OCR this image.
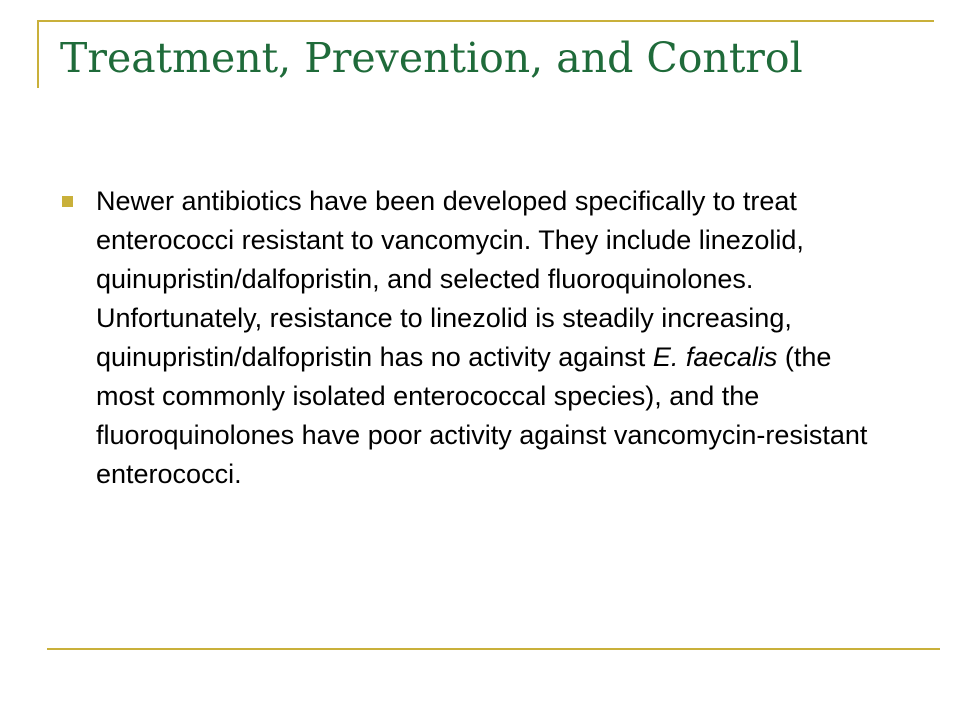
Treatment, Prevention, and Control
Newer antibiotics have been developed specifically to treat enterococci resistant to vancomycin. They include linezolid, quinupristin/dalfopristin, and selected fluoroquinolones. Unfortunately, resistance to linezolid is steadily increasing, quinupristin/dalfopristin has no activity against E. faecalis (the most commonly isolated enterococcal species), and the fluoroquinolones have poor activity against vancomycin-resistant enterococci.
